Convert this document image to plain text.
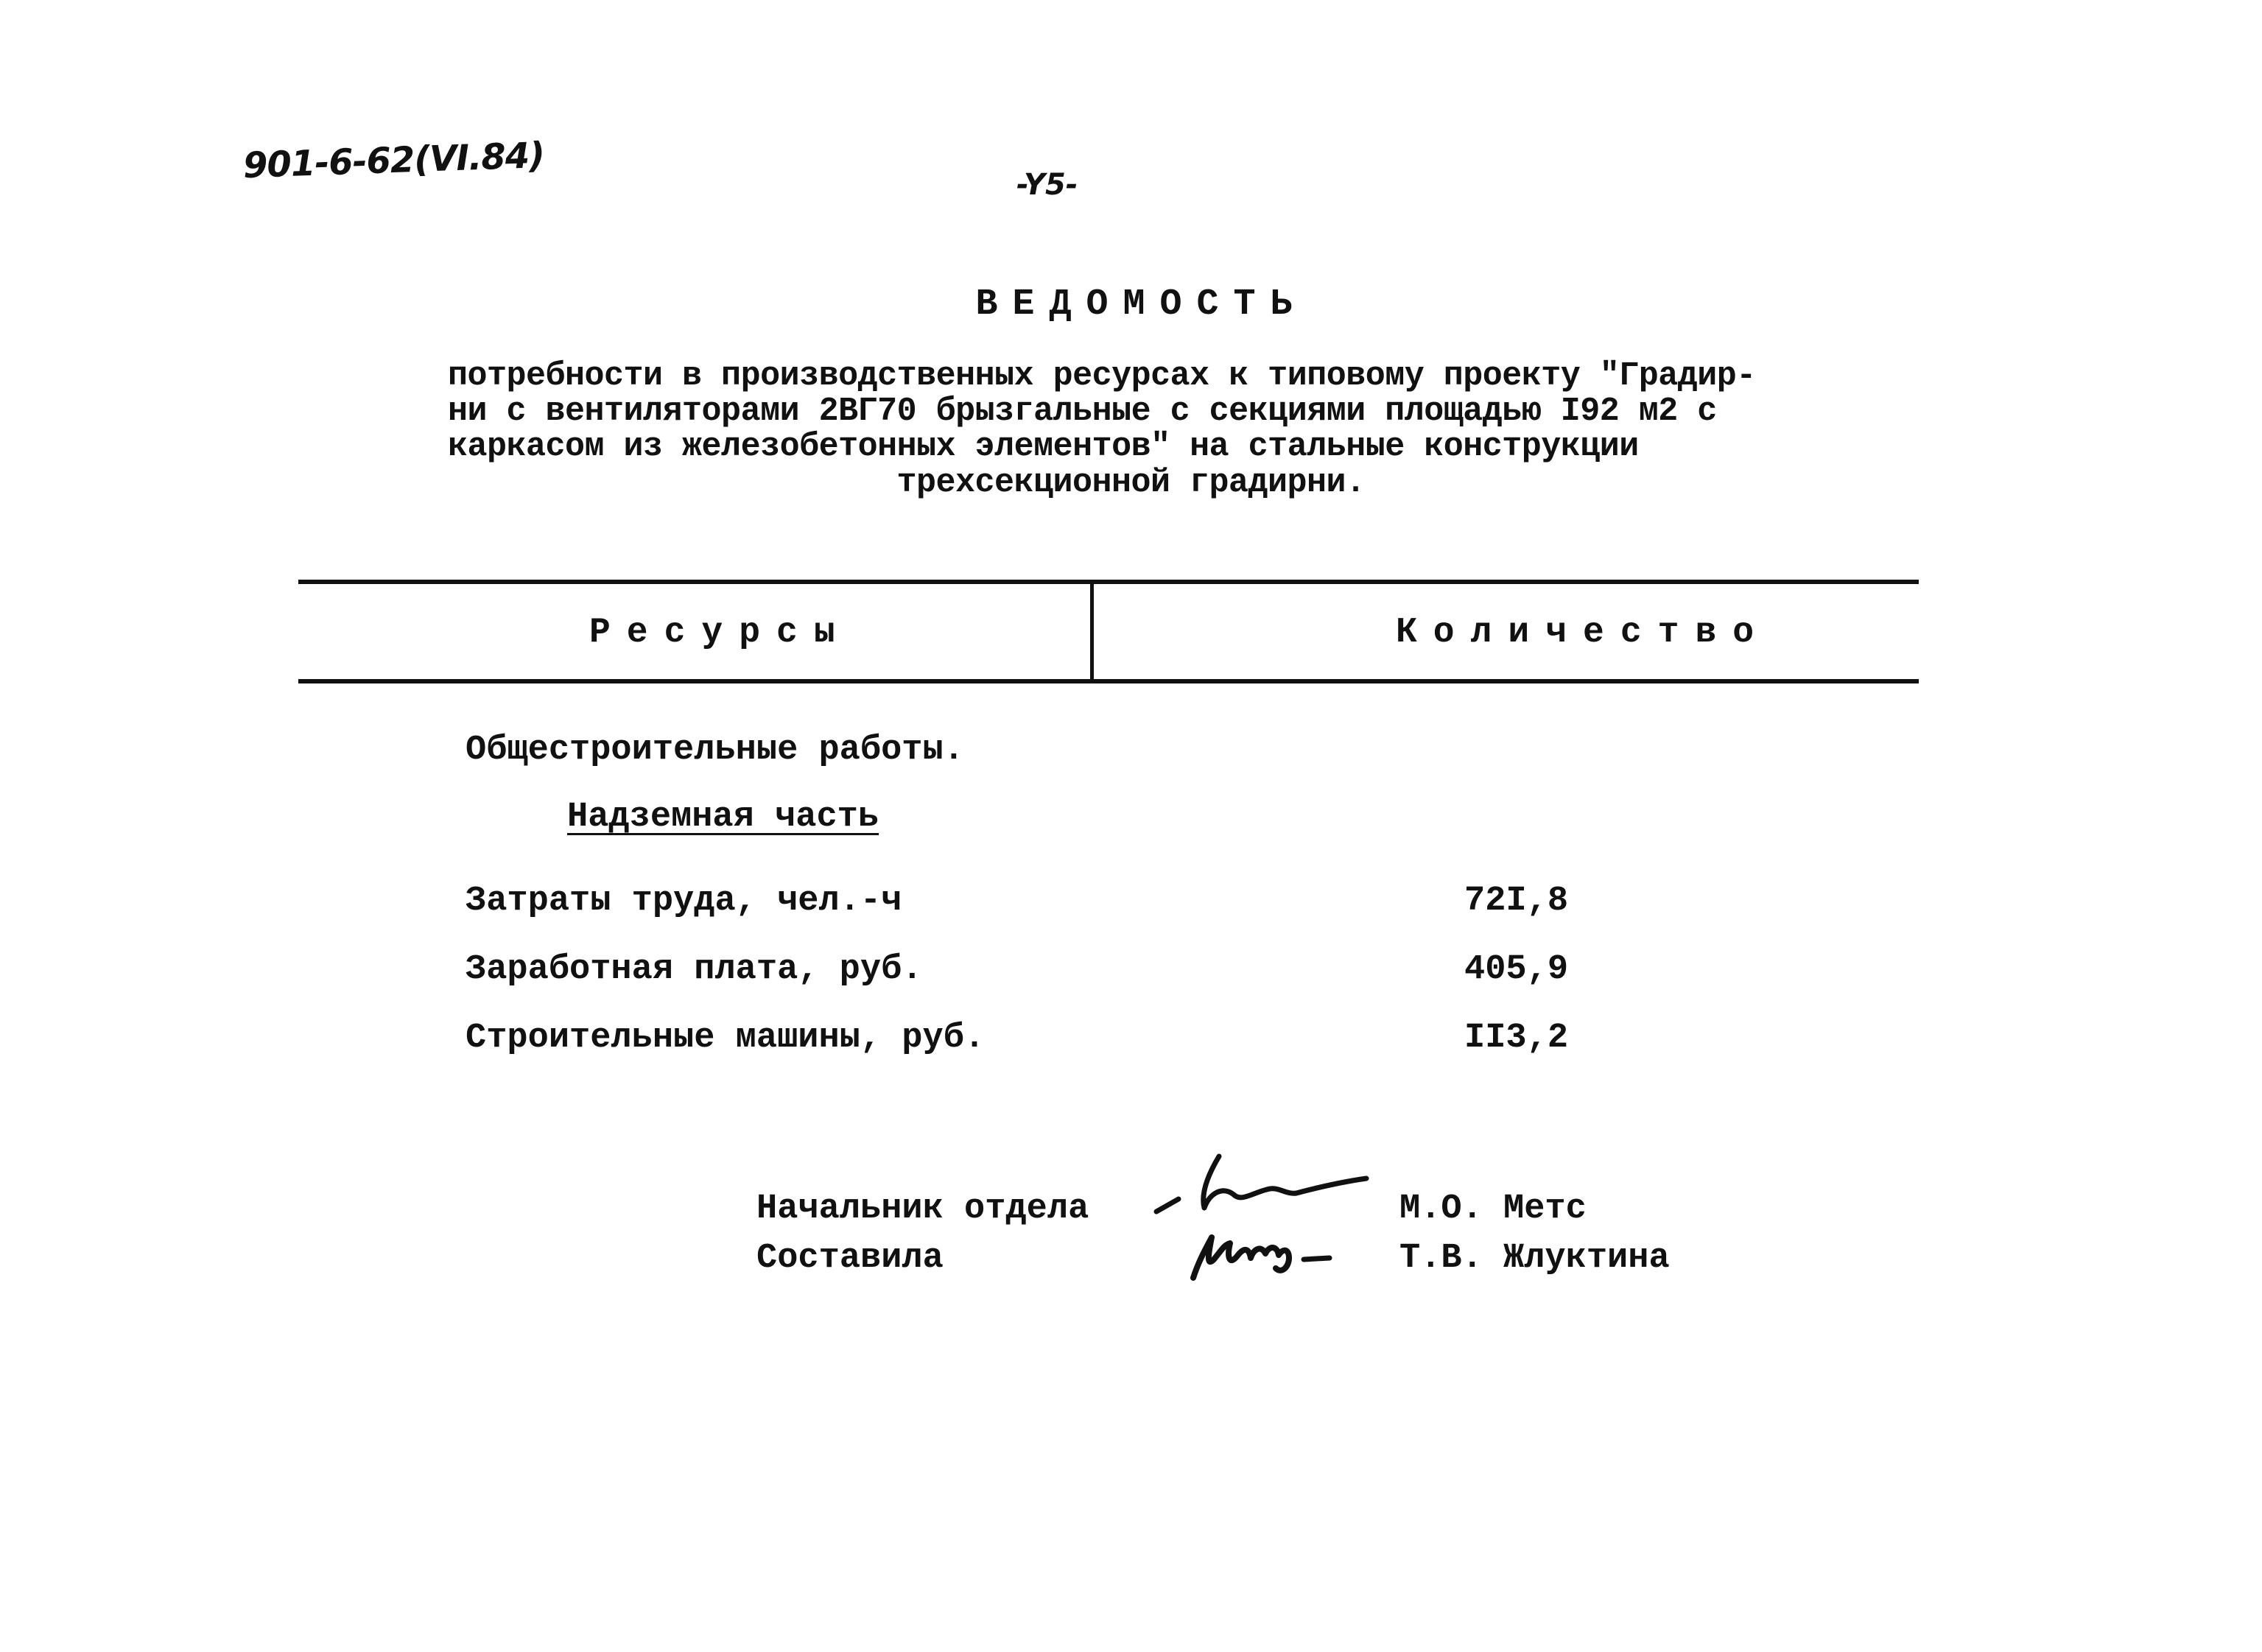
901-6-62(VI.84)	-Y5-
ВЕДОМОСТЬ
потребности в производственных ресурсах к типовому проекту "Градир-
ни с вентиляторами 2ВГ70 брызгальные с секциями площадью I92 м2 с
каркасом из железобетонных элементов" на стальные конструкции
трехсекционной градирни.
Ресурсы	Количество
Общестроительные работы.
Надземная часть
Затраты труда, чел.-ч	72I,8
Заработная плата, руб.	405,9
Строительные машины, руб.	II3,2
Начальник отдела	М.О. Метс
Составила	Т.В. Жлуктина
